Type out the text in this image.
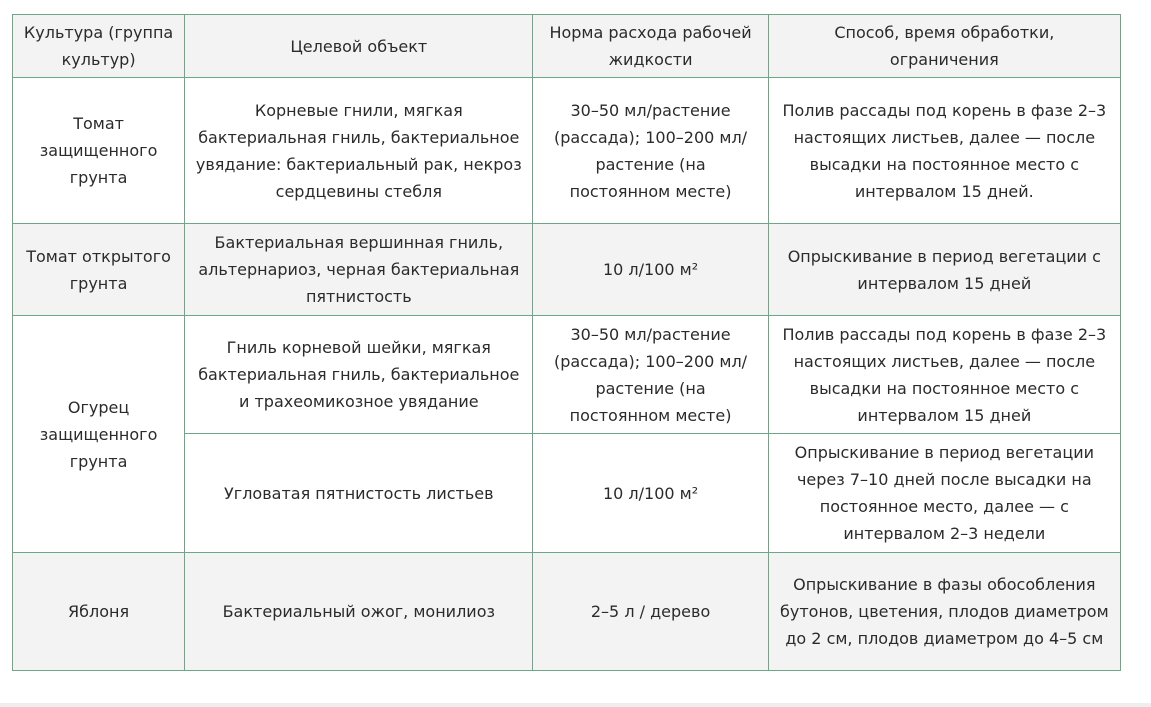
Культура (группа культур)	Целевой объект	Норма расхода рабочей жидкости	Способ, время обработки, ограничения
Томат защищенного грунта	Корневые гнили, мягкая бактериальная гниль, бактериальное увядание: бактериальный рак, некроз сердцевины стебля	30–50 мл/растение (рассада); 100–200 мл/растение (на постоянном месте)	Полив рассады под корень в фазе 2–3 настоящих листьев, далее — после высадки на постоянное место с интервалом 15 дней.
Томат открытого грунта	Бактериальная вершинная гниль, альтернариоз, черная бактериальная пятнистость	10 л/100 м²	Опрыскивание в период вегетации с интервалом 15 дней
Огурец защищенного грунта	Гниль корневой шейки, мягкая бактериальная гниль, бактериальное и трахеомикозное увядание	30–50 мл/растение (рассада); 100–200 мл/растение (на постоянном месте)	Полив рассады под корень в фазе 2–3 настоящих листьев, далее — после высадки на постоянное место с интервалом 15 дней
	Угловатая пятнистость листьев	10 л/100 м²	Опрыскивание в период вегетации через 7–10 дней после высадки на постоянное место, далее — с интервалом 2–3 недели
Яблоня	Бактериальный ожог, монилиоз	2–5 л / дерево	Опрыскивание в фазы обособления бутонов, цветения, плодов диаметром до 2 см, плодов диаметром до 4–5 см
